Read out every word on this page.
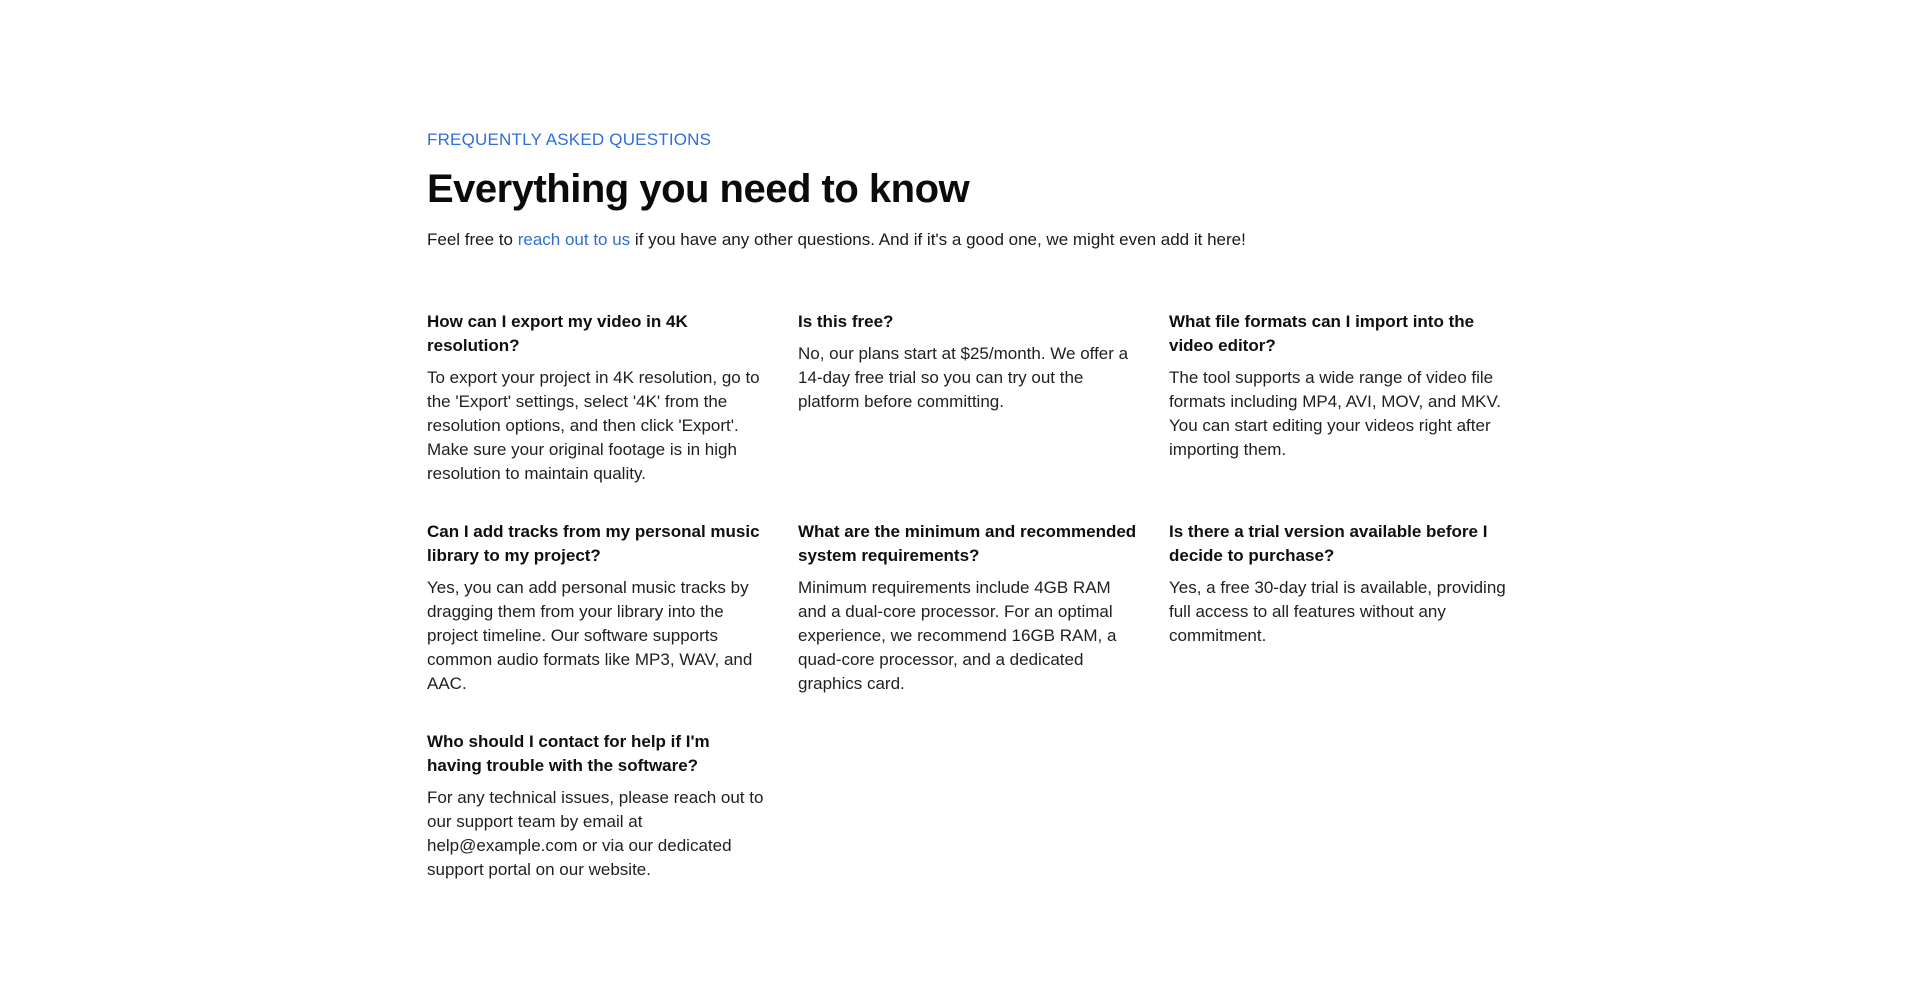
FREQUENTLY ASKED QUESTIONS

Everything you need to know

Feel free to reach out to us if you have any other questions. And if it's a good one, we might even add it here!

How can I export my video in 4K resolution?

To export your project in 4K resolution, go to the 'Export' settings, select '4K' from the resolution options, and then click 'Export'. Make sure your original footage is in high resolution to maintain quality.

Is this free?

No, our plans start at $25/month. We offer a 14-day free trial so you can try out the platform before committing.

What file formats can I import into the video editor?

The tool supports a wide range of video file formats including MP4, AVI, MOV, and MKV. You can start editing your videos right after importing them.

Can I add tracks from my personal music library to my project?

Yes, you can add personal music tracks by dragging them from your library into the project timeline. Our software supports common audio formats like MP3, WAV, and AAC.

What are the minimum and recommended system requirements?

Minimum requirements include 4GB RAM and a dual-core processor. For an optimal experience, we recommend 16GB RAM, a quad-core processor, and a dedicated graphics card.

Is there a trial version available before I decide to purchase?

Yes, a free 30-day trial is available, providing full access to all features without any commitment.

Who should I contact for help if I'm having trouble with the software?

For any technical issues, please reach out to our support team by email at help@example.com or via our dedicated support portal on our website.
